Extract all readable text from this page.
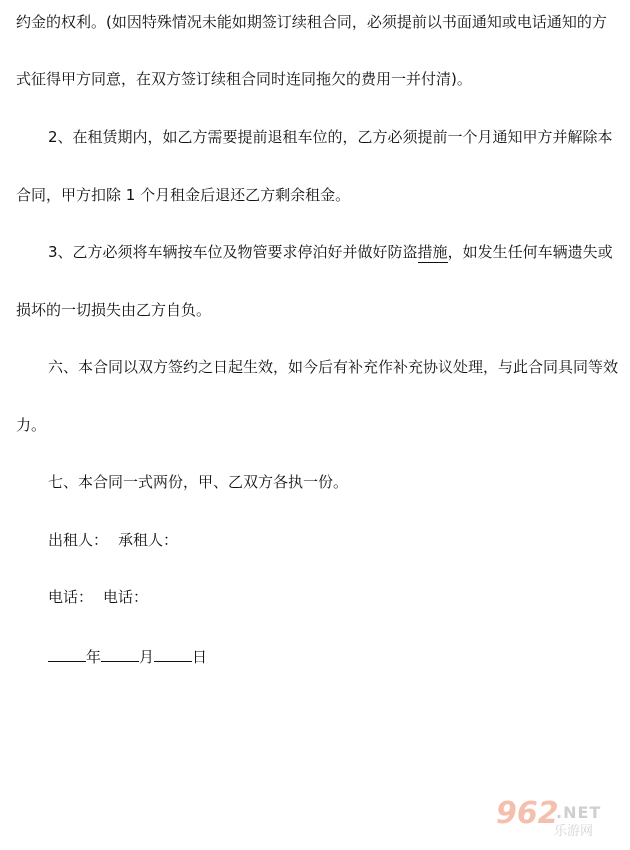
约金的权利。(如因特殊情况未能如期签订续租合同，必须提前以书面通知或电话通知的方
式征得甲方同意，在双方签订续租合同时连同拖欠的费用一并付清)。
2、在租赁期内，如乙方需要提前退租车位的，乙方必须提前一个月通知甲方并解除本
合同，甲方扣除 1 个月租金后退还乙方剩余租金。
3、乙方必须将车辆按车位及物管要求停泊好并做好防盗措施，如发生任何车辆遗失或
损坏的一切损失由乙方自负。
六、本合同以双方签约之日起生效，如今后有补充作补充协议处理，与此合同具同等效
力。
七、本合同一式两份，甲、乙双方各执一份。
出租人： 承租人：
电话： 电话：
年	月	日
962
.NET
乐游网
